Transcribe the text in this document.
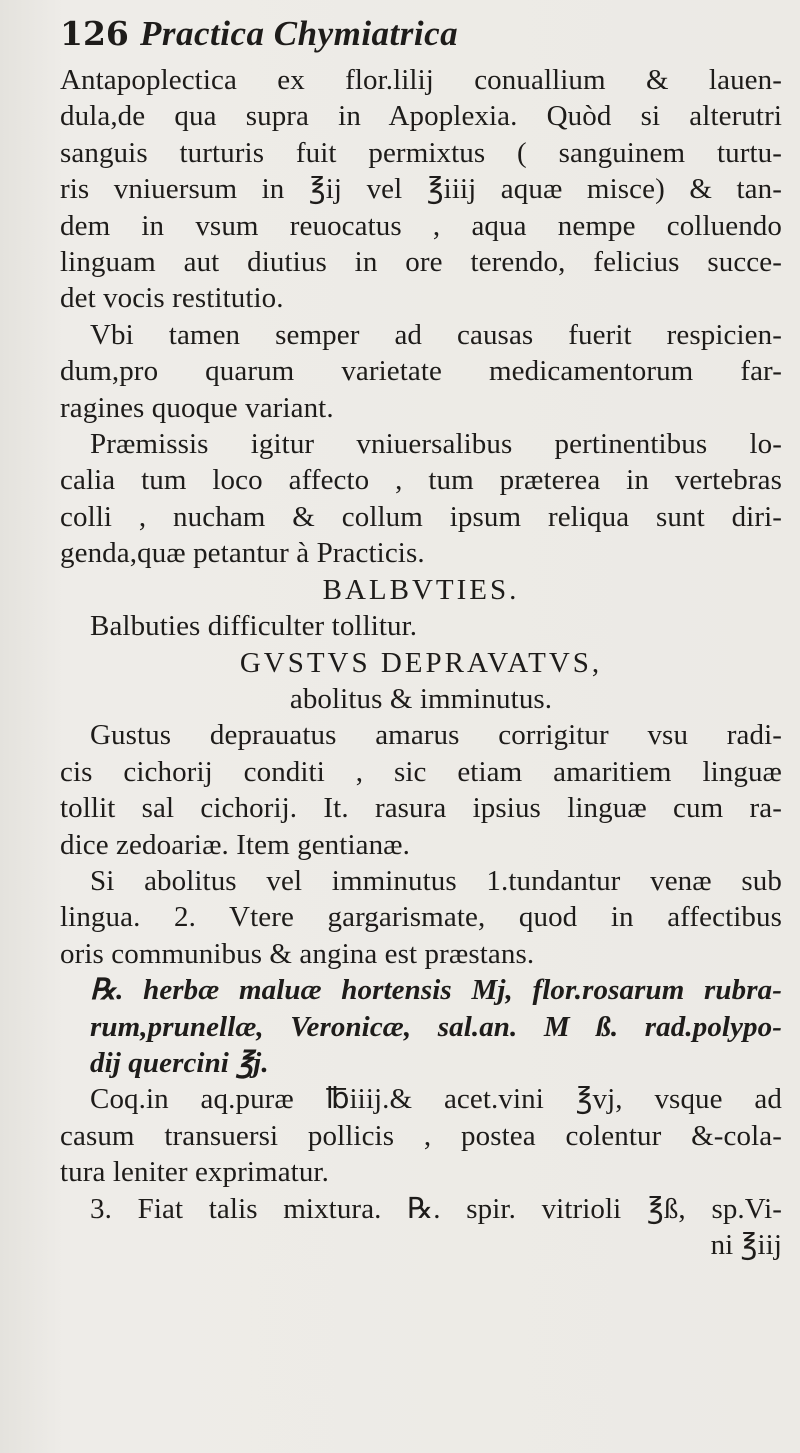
126 Practica Chymiatrica
Antapoplectica ex flor.lilij conuallium & lauen-
dula,de qua supra in Apoplexia. Quòd si alterutri
sanguis turturis fuit permixtus ( sanguinem turtu-
ris vniuersum in ℥ij vel ℥iiij aquæ misce) & tan-
dem in vsum reuocatus , aqua nempe colluendo
linguam aut diutius in ore terendo, felicius succe-
det vocis restitutio.
Vbi tamen semper ad causas fuerit respicien-
dum,pro quarum varietate medicamentorum far-
ragines quoque variant.
Præmissis igitur vniuersalibus pertinentibus lo-
calia tum loco affecto , tum præterea in vertebras
colli , nucham & collum ipsum reliqua sunt diri-
genda,quæ petantur à Practicis.
BALBVTIES.
Balbuties difficulter tollitur.
GVSTVS DEPRAVATVS,
abolitus & imminutus.
Gustus deprauatus amarus corrigitur vsu radi-
cis cichorij conditi , sic etiam amaritiem linguæ
tollit sal cichorij. It. rasura ipsius linguæ cum ra-
dice zedoariæ. Item gentianæ.
Si abolitus vel imminutus 1.tundantur venæ sub
lingua. 2. Vtere gargarismate, quod in affectibus
oris communibus & angina est præstans.
℞. herbæ maluæ hortensis Mj, flor.rosarum rubra-
rum,prunellæ, Veronicæ, sal.an. M ß. rad.polypo-
dij quercini ℥j.
Coq.in aq.puræ ℔iiij.& acet.vini ℥vj, vsque ad
casum transuersi pollicis , postea colentur &-cola-
tura leniter exprimatur.
3. Fiat talis mixtura. ℞. spir. vitrioli ℥ß, sp.Vi-
ni ℥iij
